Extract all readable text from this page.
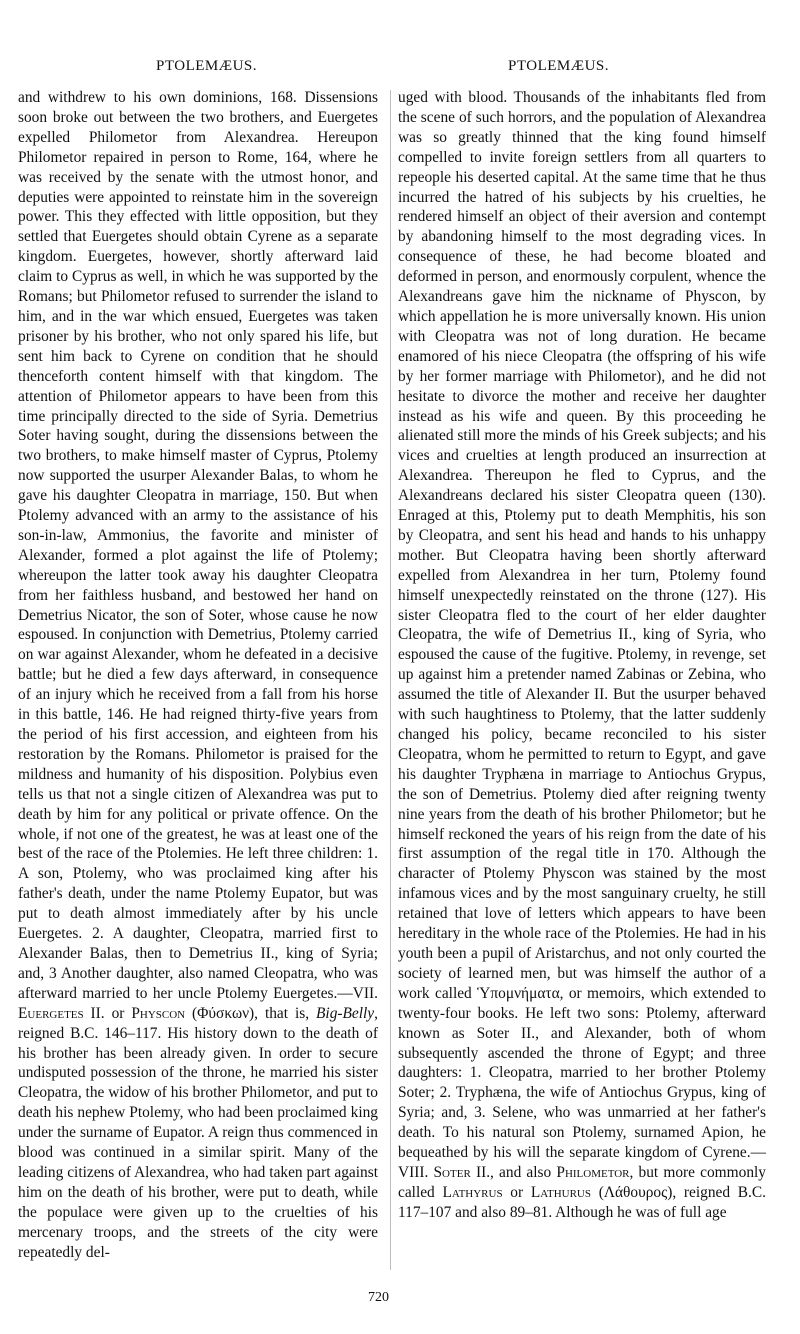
PTOLEMÆUS.	PTOLEMÆUS.

and withdrew to his own dominions, 168. Dissensions soon broke out between the two brothers, and Euergetes expelled Philometor from Alexandrea. Hereupon Philometor repaired in person to Rome, 164, where he was received by the senate with the utmost honor, and deputies were appointed to reinstate him in the sovereign power. This they effected with little opposition, but they settled that Euergetes should obtain Cyrene as a separate kingdom. Euergetes, however, shortly afterward laid claim to Cyprus as well, in which he was supported by the Romans; but Philometor refused to surrender the island to him, and in the war which ensued, Euergetes was taken prisoner by his brother, who not only spared his life, but sent him back to Cyrene on condition that he should thenceforth content himself with that kingdom. The attention of Philometor appears to have been from this time principally directed to the side of Syria. Demetrius Soter having sought, during the dissensions between the two brothers, to make himself master of Cyprus, Ptolemy now supported the usurper Alexander Balas, to whom he gave his daughter Cleopatra in marriage, 150. But when Ptolemy advanced with an army to the assistance of his son-in-law, Ammonius, the favorite and minister of Alexander, formed a plot against the life of Ptolemy; whereupon the latter took away his daughter Cleopatra from her faithless husband, and bestowed her hand on Demetrius Nicator, the son of Soter, whose cause he now espoused. In conjunction with Demetrius, Ptolemy carried on war against Alexander, whom he defeated in a decisive battle; but he died a few days afterward, in consequence of an injury which he received from a fall from his horse in this battle, 146. He had reigned thirty-five years from the period of his first accession, and eighteen from his restoration by the Romans. Philometor is praised for the mildness and humanity of his disposition. Polybius even tells us that not a single citizen of Alexandrea was put to death by him for any political or private offence. On the whole, if not one of the greatest, he was at least one of the best of the race of the Ptolemies. He left three children: 1. A son, Ptolemy, who was proclaimed king after his father's death, under the name Ptolemy Eupator, but was put to death almost immediately after by his uncle Euergetes. 2. A daughter, Cleopatra, married first to Alexander Balas, then to Demetrius II., king of Syria; and, 3 Another daughter, also named Cleopatra, who was afterward married to her uncle Ptolemy Euergetes.—VII. Euergetes II. or Physcon (Φύσκων), that is, Big-Belly, reigned B.C. 146–117. His history down to the death of his brother has been already given. In order to secure undisputed possession of the throne, he married his sister Cleopatra, the widow of his brother Philometor, and put to death his nephew Ptolemy, who had been proclaimed king under the surname of Eupator. A reign thus commenced in blood was continued in a similar spirit. Many of the leading citizens of Alexandrea, who had taken part against him on the death of his brother, were put to death, while the populace were given up to the cruelties of his mercenary troops, and the streets of the city were repeatedly del-

uged with blood. Thousands of the inhabitants fled from the scene of such horrors, and the population of Alexandrea was so greatly thinned that the king found himself compelled to invite foreign settlers from all quarters to repeople his deserted capital. At the same time that he thus incurred the hatred of his subjects by his cruelties, he rendered himself an object of their aversion and contempt by abandoning himself to the most degrading vices. In consequence of these, he had become bloated and deformed in person, and enormously corpulent, whence the Alexandreans gave him the nickname of Physcon, by which appellation he is more universally known. His union with Cleopatra was not of long duration. He became enamored of his niece Cleopatra (the offspring of his wife by her former marriage with Philometor), and he did not hesitate to divorce the mother and receive her daughter instead as his wife and queen. By this proceeding he alienated still more the minds of his Greek subjects; and his vices and cruelties at length produced an insurrection at Alexandrea. Thereupon he fled to Cyprus, and the Alexandreans declared his sister Cleopatra queen (130). Enraged at this, Ptolemy put to death Memphitis, his son by Cleopatra, and sent his head and hands to his unhappy mother. But Cleopatra having been shortly afterward expelled from Alexandrea in her turn, Ptolemy found himself unexpectedly reinstated on the throne (127). His sister Cleopatra fled to the court of her elder daughter Cleopatra, the wife of Demetrius II., king of Syria, who espoused the cause of the fugitive. Ptolemy, in revenge, set up against him a pretender named Zabinas or Zebina, who assumed the title of Alexander II. But the usurper behaved with such haughtiness to Ptolemy, that the latter suddenly changed his policy, became reconciled to his sister Cleopatra, whom he permitted to return to Egypt, and gave his daughter Tryphæna in marriage to Antiochus Grypus, the son of Demetrius. Ptolemy died after reigning twenty nine years from the death of his brother Philometor; but he himself reckoned the years of his reign from the date of his first assumption of the regal title in 170. Although the character of Ptolemy Physcon was stained by the most infamous vices and by the most sanguinary cruelty, he still retained that love of letters which appears to have been hereditary in the whole race of the Ptolemies. He had in his youth been a pupil of Aristarchus, and not only courted the society of learned men, but was himself the author of a work called Ὑπομνήματα, or memoirs, which extended to twenty-four books. He left two sons: Ptolemy, afterward known as Soter II., and Alexander, both of whom subsequently ascended the throne of Egypt; and three daughters: 1. Cleopatra, married to her brother Ptolemy Soter; 2. Tryphæna, the wife of Antiochus Grypus, king of Syria; and, 3. Selene, who was unmarried at her father's death. To his natural son Ptolemy, surnamed Apion, he bequeathed by his will the separate kingdom of Cyrene.—VIII. Soter II., and also Philometor, but more commonly called Lathyrus or Lathurus (Λάθουρος), reigned B.C. 117–107 and also 89–81. Although he was of full age

720
